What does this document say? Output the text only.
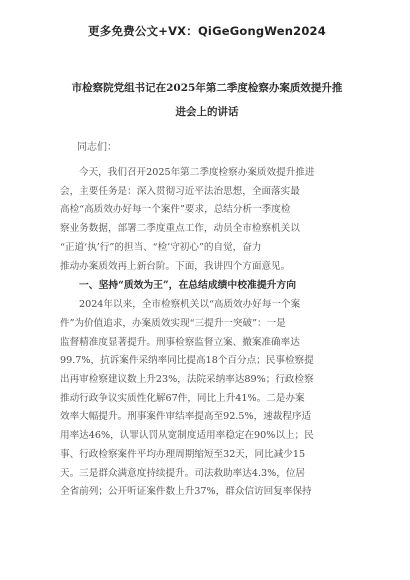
更多免费公文+VX：QiGeGongWen2024
市检察院党组书记在2025年第二季度检察办案质效提升推
进会上的讲话
同志们：
今天，我们召开2025年第二季度检察办案质效提升推进
会，主要任务是：深入贯彻习近平法治思想，全面落实最
高检“高质效办好每一个案件”要求，总结分析一季度检
察业务数据，部署二季度重点工作，动员全市检察机关以
“正道‘执’行”的担当、“检’守初心”的自觉，奋力
推动办案质效再上新台阶。下面，我讲四个方面意见。
一、坚持“质效为王”，在总结成绩中校准提升方向
2024年以来，全市检察机关以“高质效办好每一个案
件”为价值追求，办案质效实现“三提升一突破”：一是
监督精准度显著提升。刑事检察监督立案、撤案准确率达
99.7%，抗诉案件采纳率同比提高18个百分点；民事检察提
出再审检察建议数上升23%，法院采纳率达89%；行政检察
推动行政争议实质性化解67件，同比上升41%。二是办案
效率大幅提升。刑事案件审结率提高至92.5%，速裁程序适
用率达46%，认罪认罚从宽制度适用率稳定在90%以上；民
事、行政检察案件平均办理周期缩短至32天，同比减少15
天。三是群众满意度持续提升。司法救助率达4.3%，位居
全省前列；公开听证案件数上升37%，群众信访回复率保持
